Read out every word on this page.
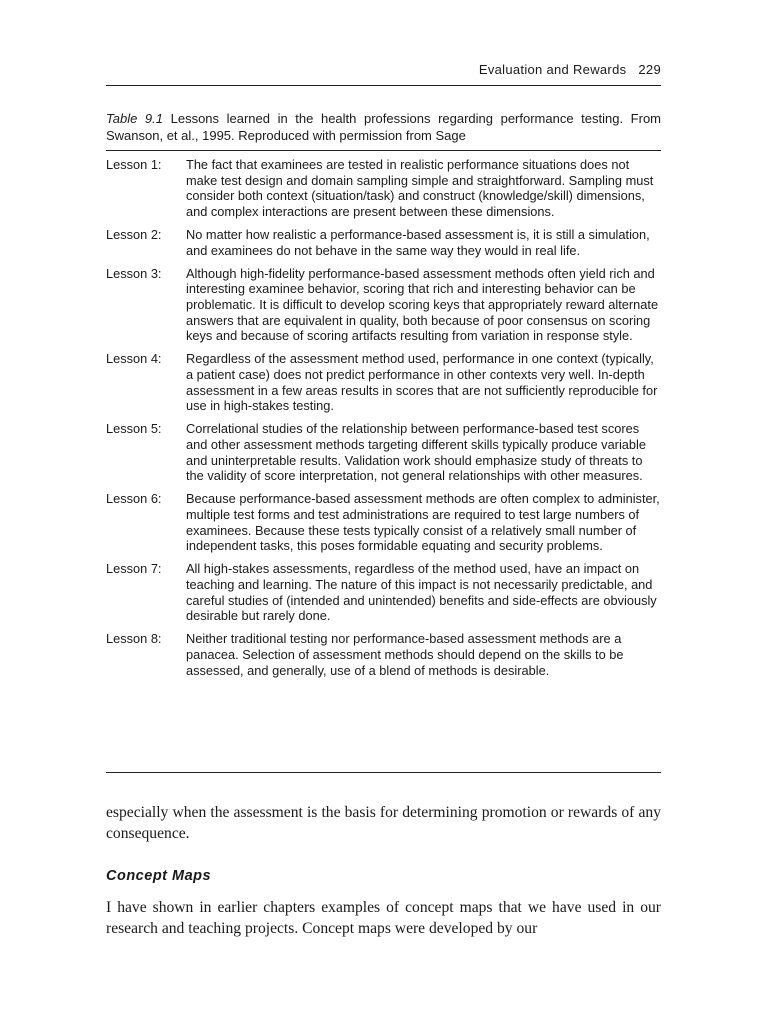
Evaluation and Rewards 229
Table 9.1 Lessons learned in the health professions regarding performance testing. From Swanson, et al., 1995. Reproduced with permission from Sage
Lesson 1:	The fact that examinees are tested in realistic performance situations does not make test design and domain sampling simple and straightforward. Sampling must consider both context (situation/task) and construct (knowledge/skill) dimensions, and complex interactions are present between these dimensions.
Lesson 2:	No matter how realistic a performance-based assessment is, it is still a simulation, and examinees do not behave in the same way they would in real life.
Lesson 3:	Although high-fidelity performance-based assessment methods often yield rich and interesting examinee behavior, scoring that rich and interesting behavior can be problematic. It is difficult to develop scoring keys that appropriately reward alternate answers that are equivalent in quality, both because of poor consensus on scoring keys and because of scoring artifacts resulting from variation in response style.
Lesson 4:	Regardless of the assessment method used, performance in one context (typically, a patient case) does not predict performance in other contexts very well. In-depth assessment in a few areas results in scores that are not sufficiently reproducible for use in high-stakes testing.
Lesson 5:	Correlational studies of the relationship between performance-based test scores and other assessment methods targeting different skills typically produce variable and uninterpretable results. Validation work should emphasize study of threats to the validity of score interpretation, not general relationships with other measures.
Lesson 6:	Because performance-based assessment methods are often complex to administer, multiple test forms and test administrations are required to test large numbers of examinees. Because these tests typically consist of a relatively small number of independent tasks, this poses formidable equating and security problems.
Lesson 7:	All high-stakes assessments, regardless of the method used, have an impact on teaching and learning. The nature of this impact is not necessarily predictable, and careful studies of (intended and unintended) benefits and side-effects are obviously desirable but rarely done.
Lesson 8:	Neither traditional testing nor performance-based assessment methods are a panacea. Selection of assessment methods should depend on the skills to be assessed, and generally, use of a blend of methods is desirable.
especially when the assessment is the basis for determining promotion or rewards of any consequence.
Concept Maps
I have shown in earlier chapters examples of concept maps that we have used in our research and teaching projects. Concept maps were developed by our
